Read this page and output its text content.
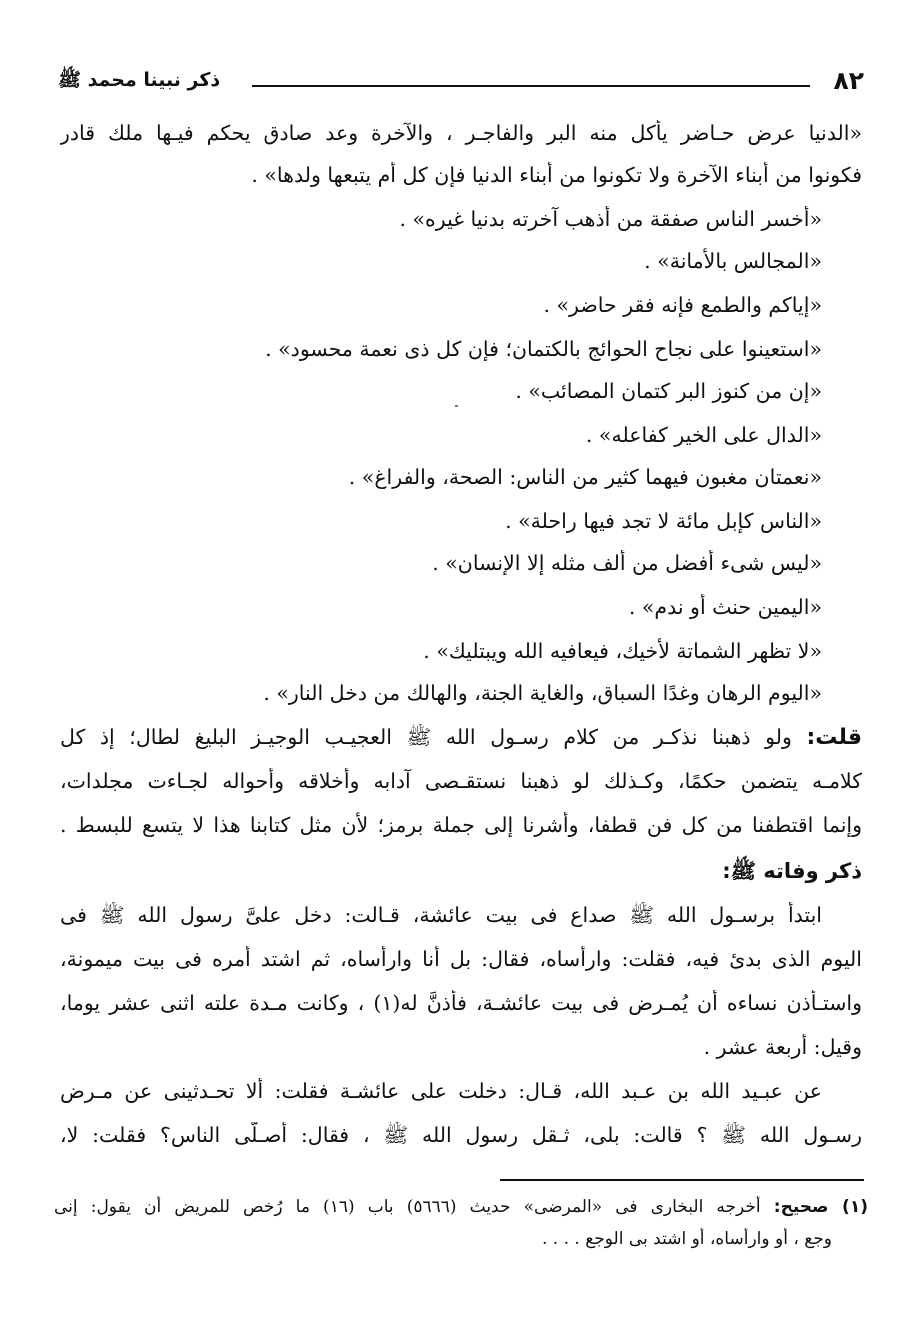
٨٢
ذكر نبينا محمد ﷺ
«الدنيا عرض حـاضر يأكل منه البر والفاجـر ، والآخرة وعد صادق يحكم فيـها ملك قادر
فكونوا من أبناء الآخرة ولا تكونوا من أبناء الدنيا فإن كل أم يتبعها ولدها» .
«أخسر الناس صفقة من أذهب آخرته بدنيا غيره» .
«المجالس بالأمانة» .
«إياكم والطمع فإنه فقر حاضر» .
«استعينوا على نجاح الحوائج بالكتمان؛ فإن كل ذى نعمة محسود» .
«إن من كنوز البر كتمان المصائب» .
«الدال على الخير كفاعله» .
«نعمتان مغبون فيهما كثير من الناس: الصحة، والفراغ» .
«الناس كإبل مائة لا تجد فيها راحلة» .
«ليس شىء أفضل من ألف مثله إلا الإنسان» .
«اليمين حنث أو ندم» .
«لا تظهر الشماتة لأخيك، فيعافيه الله ويبتليك» .
«اليوم الرهان وغدًا السباق، والغاية الجنة، والهالك من دخل النار» .
قلت: ولو ذهبنا نذكـر من كلام رسـول الله ﷺ العجيـب الوجيـز البليغ لطال؛ إذ كل
كلامـه يتضمن حكمًا، وكـذلك لو ذهبنا نستقـصى آدابه وأخلاقه وأحواله لجـاءت مجلدات،
وإنما اقتطفنا من كل فن قطفا، وأشرنا إلى جملة برمز؛ لأن مثل كتابنا هذا لا يتسع للبسط .
ذكر وفاته ﷺ:
ابتدأ برسـول الله ﷺ صداع فى بيت عائشة، قـالت: دخل علىَّ رسول الله ﷺ فى
اليوم الذى بدئ فيه، فقلت: وارأساه، فقال: بل أنا وارأساه، ثم اشتد أمره فى بيت ميمونة،
واستـأذن نساءه أن يُمـرض فى بيت عائشـة، فأذنَّ له(١) ، وكانت مـدة علته اثنى عشر يوما،
وقيل: أربعة عشر .
عن عبـيد الله بن عـبد الله، قـال: دخلت على عائشـة فقلت: ألا تحـدثينى عن مـرض
رسـول الله ﷺ ؟ قالت: بلى، ثـقل رسول الله ﷺ ، فقال: أصـلَّى الناس؟ فقلت: لا،
(١) صحيح: أخرجه البخارى فى «المرضى» حديث (٥٦٦٦) باب (١٦) ما رُخص للمريض أن يقول: إنى
وجع ، أو وارأساه، أو اشتد بى الوجع . . . .
